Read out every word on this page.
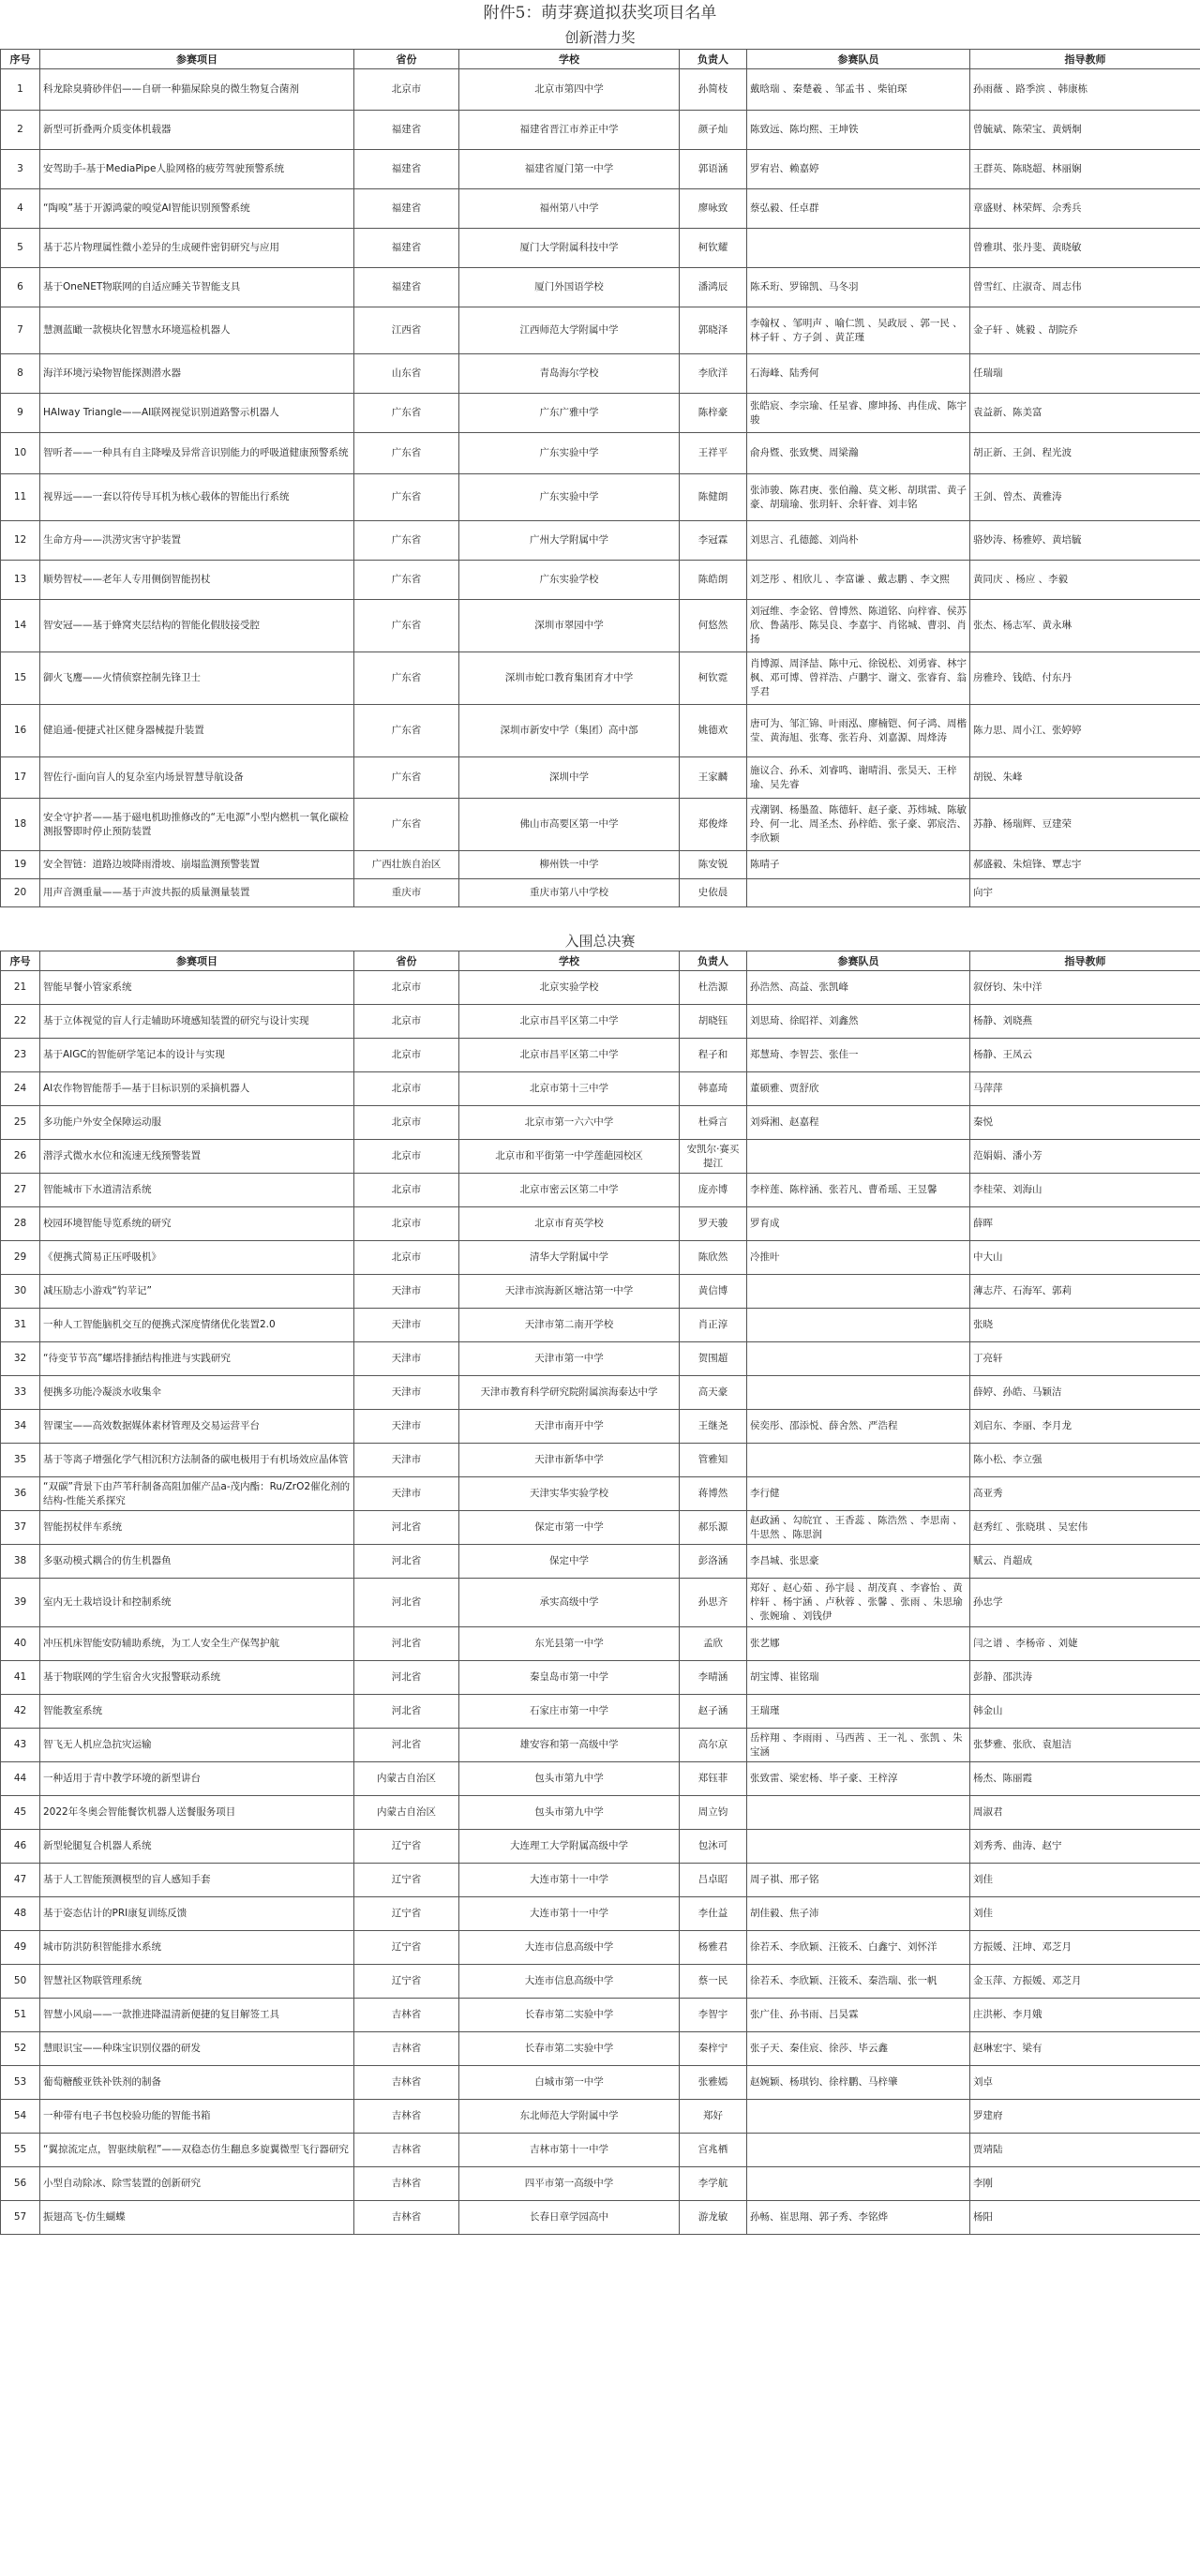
附件5：萌芽赛道拟获奖项目名单
创新潜力奖
序号	参赛项目	省份	学校	负责人	参赛队员	指导教师
1	科龙除臭骑砂伴侣——自研一种猫屎除臭的微生物复合菌剂	北京市	北京市第四中学	孙简枝	戴晗瑞 、秦楚羲 、邹孟书 、柴铂琛	孙雨薇 、路季滨 、韩康栋
2	新型可折叠两介质变体机载器	福建省	福建省晋江市养正中学	颜子灿	陈致远、陈均熙、王坤铁	曾毓斌、陈荣宝、黄炳炯
3	安驾助手-基于MediaPipe人脸网格的疲劳驾驶预警系统	福建省	福建省厦门第一中学	郭语涵	罗宥岩、赖嘉婷	王群英、陈晓超、林丽娴
4	“陶嗅”基于开源鸿蒙的嗅觉AI智能识别预警系统	福建省	福州第八中学	廖咏致	蔡弘毅、任卓群	章盛财、林荣辉、佘秀兵
5	基于芯片物理属性微小差异的生成硬件密钥研究与应用	福建省	厦门大学附属科技中学	柯钦耀		曾雅琪、张丹斐、黄晓敏
6	基于OneNET物联网的自适应睡关节智能支具	福建省	厦门外国语学校	潘鸿辰	陈禾珩、罗锦凯、马冬羽	曾雪红、庄淑奇、周志伟
7	慧测蓝瞰一款模块化智慧水环境巡检机器人	江西省	江西师范大学附属中学	郭晓泽	李翰权 、邹明声 、喻仁凯 、吴政辰 、郭一民 、林子轩 、方子剑 、黄芷瑾	金子轩 、姚毅 、胡院乔
8	海洋环境污染物智能探测潜水器	山东省	青岛海尔学校	李欣洋	石海峰、陆秀何	任瑞瑞
9	HAIway Triangle——AI联网视觉识别道路警示机器人	广东省	广东广雅中学	陈梓豪	张皓宸、李宗瑜、任星睿、廖坤扬、冉佳成、陈宇骏	袁益新、陈美富
10	智听者——一种具有自主降噪及异常音识别能力的呼吸道健康预警系统	广东省	广东实验中学	王祥平	俞舟暨、张致樊、周梁瀚	胡正新、王剑、程光波
11	视界远——一套以符传导耳机为核心载体的智能出行系统	广东省	广东实验中学	陈健朗	张沛骏、陈君庚、张伯瀚、莫文彬、胡琪雷、黄子豪、胡瑞瑜、张玥轩、余轩睿、刘丰铭	王剑、曾杰、黄雅涛
12	生命方舟——洪涝灾害守护装置	广东省	广州大学附属中学	李冠霖	刘思言、孔德懿、刘尚朴	骆妙涛、杨雅婷、黄培毓
13	顺势智杖——老年人专用侧倒智能拐杖	广东省	广东实验学校	陈皓朗	刘芝彤 、相欣儿 、李富谦 、戴志鹏 、李文熙	黄同庆 、杨应 、李毅
14	智安冠——基于蜂窝夹层结构的智能化假肢接受腔	广东省	深圳市翠园中学	何悠然	刘冠维、李金铭、曾博然、陈道铭、向梓睿、侯苏欣、鲁菡彤、陈昊良、李嘉宇、肖铭城、曹羽、肖扬	张杰、杨志军、黄永琳
15	御火飞鹰——火情侦察控制先锋卫士	广东省	深圳市蛇口教育集团育才中学	柯钦霓	肖博源、周泽喆、陈中元、徐锐松、刘勇睿、林宇枫、邓可博、曾祥浩、卢鹏宇、谢文、张睿育、翁孚君	房雅玲、钱皓、付东丹
16	健追通-便捷式社区健身器械提升装置	广东省	深圳市新安中学（集团）高中部	姚德欢	唐可为、邹汇锦、叶雨泓、廖楠铠、何子鸿、周楷莹、黄海旭、张骞、张若舟、刘嘉源、周烽涛	陈力思、周小江、张婷婷
17	智佐行-面向盲人的复杂室内场景智慧导航设备	广东省	深圳中学	王家麟	施议合、孙禾、刘睿鸣、谢晴涓、张昊天、王梓瑜、吴先睿	胡锐、朱峰
18	安全守护者——基于磁电机助推修改的“无电源”小型内燃机一氧化碳检测报警即时停止预防装置	广东省	佛山市高要区第一中学	郑俊烽	戎潮钢、杨墨盈、陈德轩、赵子豪、苏炜城、陈敏玲、何一北、周圣杰、孙梓皓、张子豪、郭宸浩、李欣颖	苏静、杨瑞辉、豆建荣
19	安全智链：道路边坡降雨滑坡、崩塌监测预警装置	广西壮族自治区	柳州铁一中学	陈安锐	陈晴子	郝盛毅、朱煊锋、覃志宇
20	用声音测重量——基于声波共振的质量测量装置	重庆市	重庆市第八中学校	史依晨		向宇
入围总决赛
序号	参赛项目	省份	学校	负责人	参赛队员	指导教师
21	智能早餐小管家系统	北京市	北京实验学校	杜浩源	孙浩然、高益、张凯峰	叙伢钧、朱中洋
22	基于立体视觉的盲人行走辅助环境感知装置的研究与设计实现	北京市	北京市昌平区第二中学	胡晓钰	刘思琦、徐昭祥、刘鑫然	杨静、刘晓燕
23	基于AIGC的智能研学笔记本的设计与实现	北京市	北京市昌平区第二中学	程子和	郑慧琦、李智芸、张佳一	杨静、王凤云
24	AI农作物智能帮手—基于目标识别的采摘机器人	北京市	北京市第十三中学	韩嘉琦	董硕雅、贾舒欣	马萍萍
25	多功能户外安全保障运动服	北京市	北京市第一六六中学	杜舜言	刘舜湘、赵嘉程	秦悦
26	潜浮式微水水位和流速无线预警装置	北京市	北京市和平街第一中学莲葩园校区	安凯尔·赛买提江		范娟娟、潘小芳
27	智能城市下水道清洁系统	北京市	北京市密云区第二中学	庞亦博	李梓莲、陈梓涵、张若凡、曹希瑶、王昱馨	李桂荣、刘海山
28	校园环境智能导览系统的研究	北京市	北京市育英学校	罗天骏	罗育成	薛晖
29	《便携式简易正压呼吸机》	北京市	清华大学附属中学	陈欣然	冷推叶	中大山
30	减压励志小游戏“钓苹记”	天津市	天津市滨海新区塘沽第一中学	黄信博		薄志芹、石海军、郭莉
31	一种人工智能脑机交互的便携式深度情绪优化装置2.0	天津市	天津市第二南开学校	肖正淳		张晓
32	“待变节节高”螺塔排插结构推进与实践研究	天津市	天津市第一中学	贺围超		丁亮轩
33	便携多功能冷凝淡水收集伞	天津市	天津市教育科学研究院附属滨海泰达中学	高天豪		薛婷、孙皓、马颖洁
34	智课宝——高效数据媒体素材管理及交易运营平台	天津市	天津市南开中学	王继尧	侯奕彤、邵添悦、薛舍然、严浩程	刘启东、李丽、李月龙
35	基于等离子增强化学气相沉积方法制备的碳电极用于有机场效应晶体管	天津市	天津市新华中学	管雅知		陈小松、李立强
36	“双碳”背景下由芦苇秆制备高阻加催产品a-茂内酯：Ru/ZrO2催化剂的结构-性能关系探究	天津市	天津实华实验学校	蒋博然	李行健	高亚秀
37	智能拐杖伴车系统	河北省	保定市第一中学	郝乐源	赵政涵 、勾皖宜 、王香蕊 、陈浩然 、李思南 、牛思然 、陈思润	赵秀红 、张晓琪 、吴宏伟
38	多驱动模式耦合的仿生机器鱼	河北省	保定中学	彭洛涵	李昌城、张思豪	赋云、肖超成
39	室内无土栽培设计和控制系统	河北省	承实高级中学	孙思齐	郑好 、赵心茹 、孙宇晨 、胡茂真 、李睿怡 、黄梓轩 、杨宇涵 、卢秋蓉 、张馨 、张雨 、朱思瑜 、张婉瑜 、刘钱伊	孙忠学
40	冲压机床智能安防辅助系统，为工人安全生产保驾护航	河北省	东光县第一中学	孟欣	张艺娜	闫之谱 、李杨帝 、刘婕
41	基于物联网的学生宿舍火灾报警联动系统	河北省	秦皇岛市第一中学	李晴涵	胡宝博、崔铭瑞	彭静、邵洪涛
42	智能教室系统	河北省	石家庄市第一中学	赵子涵	王瑞瑾	韩金山
43	智飞无人机应急抗灾运输	河北省	雄安容和第一高级中学	高尔京	岳梓翔 、李雨雨 、马西茜 、王一礼 、张凯 、朱宝涵	张梦雅、张欣、袁旭洁
44	一种适用于青中教学环境的新型讲台	内蒙古自治区	包头市第九中学	郑钰菲	张致雷、梁宏杨、毕子豪、王梓淳	杨杰、陈丽霞
45	2022年冬奥会智能餐饮机器人送餐服务项目	内蒙古自治区	包头市第九中学	周立钧		周淑君
46	新型轮腿复合机器人系统	辽宁省	大连理工大学附属高级中学	包沐可		刘秀秀、曲涛、赵宁
47	基于人工智能预测模型的盲人感知手套	辽宁省	大连市第十一中学	吕卓昭	周子祺、邢子铭	刘佳
48	基于姿态估计的PRI康复训练反馈	辽宁省	大连市第十一中学	李仕益	胡佳毅、焦子沛	刘佳
49	城市防洪防积智能排水系统	辽宁省	大连市信息高级中学	杨雅君	徐若禾、李欣颖、汪筱禾、白鑫宁、刘怀洋	方振媛、汪坤、邓芝月
50	智慧社区物联管理系统	辽宁省	大连市信息高级中学	蔡一民	徐若禾、李欣颖、汪筱禾、秦浩瑞、张一帆	金玉萍、方振媛、邓芝月
51	智慧小风扇——一款推进降温清新便捷的复目解签工具	吉林省	长春市第二实验中学	李智宇	张广佳、孙书雨、吕昊霖	庄洪彬、李月娥
52	慧眼识宝——种珠宝识别仪器的研发	吉林省	长春市第二实验中学	秦梓宁	张子天、秦佳宸、徐莎、毕云鑫	赵琳宏宇、梁有
53	葡萄糖酸亚铁补铁剂的制备	吉林省	白城市第一中学	张雅嫣	赵婉颖、杨琪钧、徐梓鹏、马梓肇	刘卓
54	一种带有电子书包校验功能的智能书箱	吉林省	东北师范大学附属中学	郑好		罗建府
55	“翼掠流定点，智驱续航程”——双稳态仿生翻息多旋翼微型飞行器研究	吉林省	吉林市第十一中学	宫兆栖		贾靖陆
56	小型自动除冰、除雪装置的创新研究	吉林省	四平市第一高级中学	李学航		李刚
57	振翅高飞-仿生蝴蝶	吉林省	长春日章学园高中	游龙敏	孙畅、崔思翔、郭子秀、李铭烨	杨阳
